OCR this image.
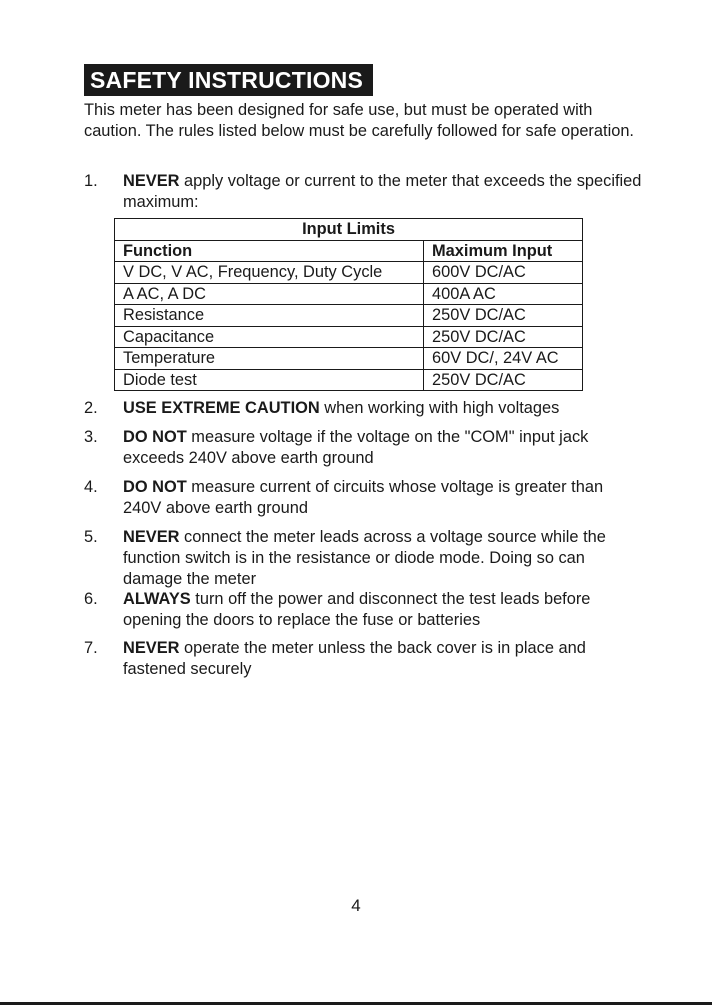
SAFETY INSTRUCTIONS
This meter has been designed for safe use, but must be operated with caution. The rules listed below must be carefully followed for safe operation.
1. NEVER apply voltage or current to the meter that exceeds the specified maximum:
Input Limits	
Function	Maximum Input
V DC, V AC, Frequency, Duty Cycle	600V DC/AC
A AC, A DC	400A AC
Resistance	250V DC/AC
Capacitance	250V DC/AC
Temperature	60V DC/, 24V AC
Diode test	250V DC/AC
2. USE EXTREME CAUTION when working with high voltages
3. DO NOT measure voltage if the voltage on the "COM" input jack exceeds 240V above earth ground
4. DO NOT measure current of circuits whose voltage is greater than 240V above earth ground
5. NEVER connect the meter leads across a voltage source while the function switch is in the resistance or diode mode. Doing so can damage the meter
6. ALWAYS turn off the power and disconnect the test leads before opening the doors to replace the fuse or batteries
7. NEVER operate the meter unless the back cover is in place and fastened securely
4
